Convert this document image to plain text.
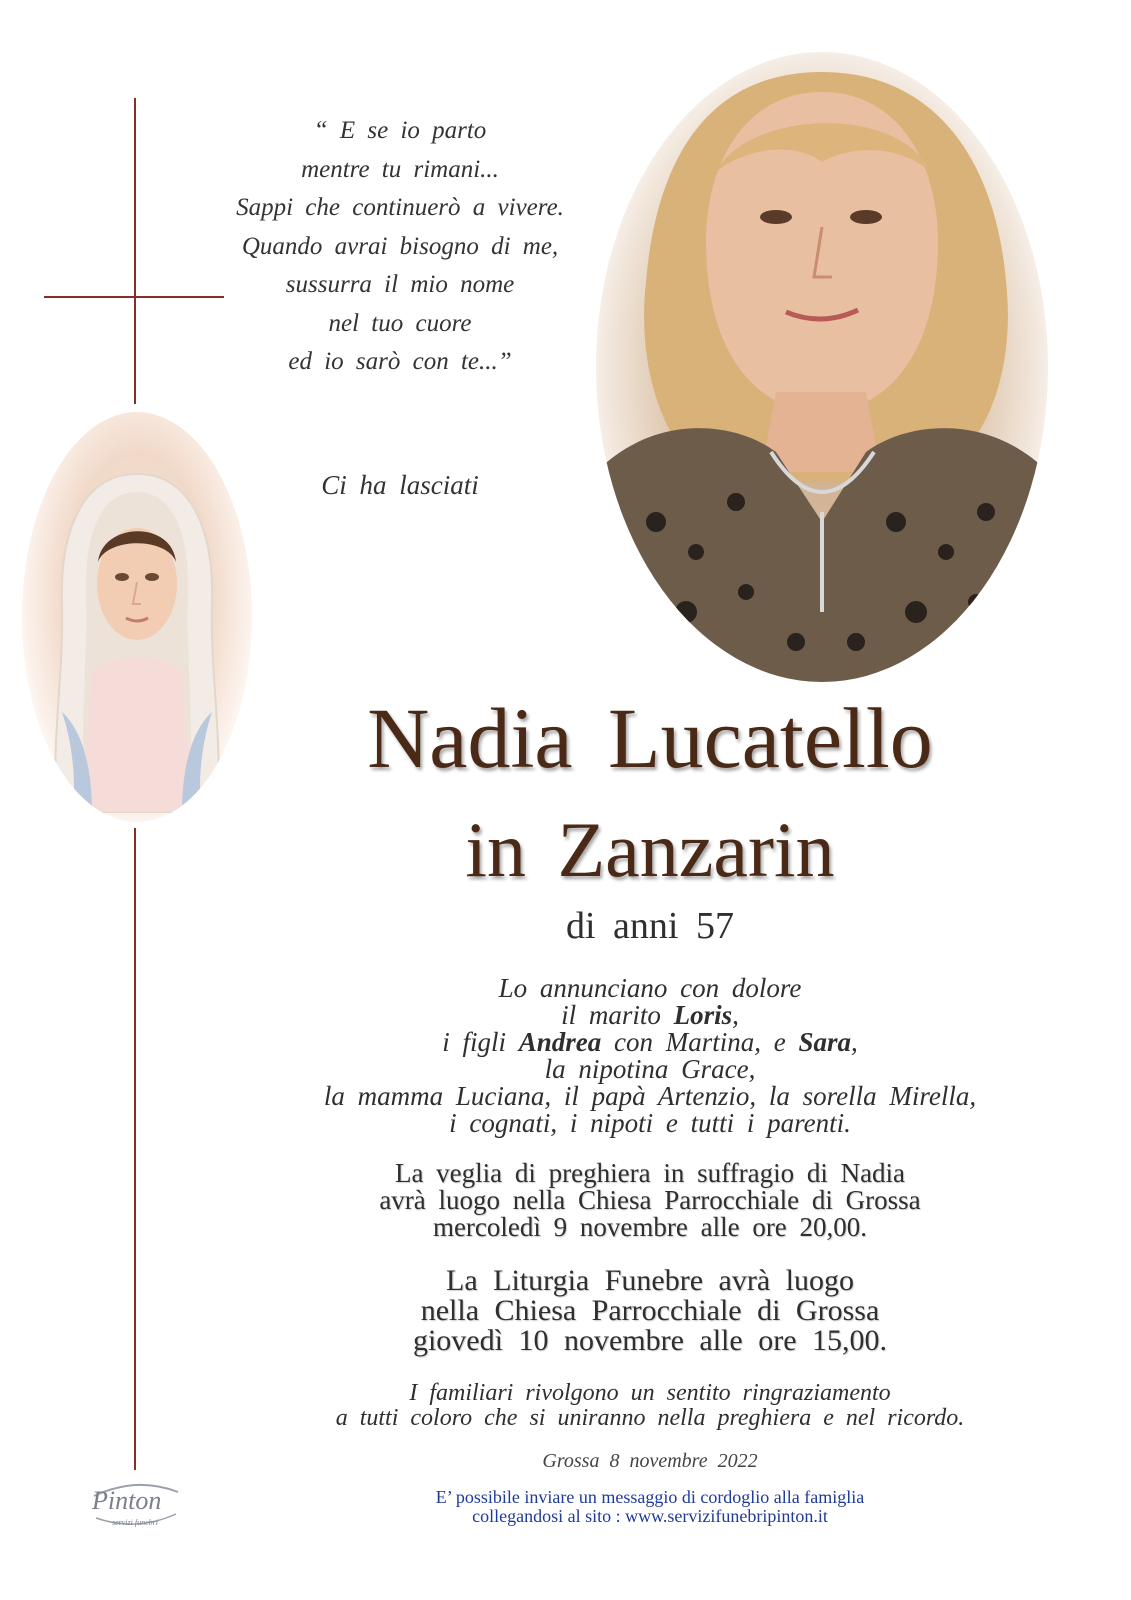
“ E se io parto
mentre tu rimani...
Sappi che continuerò a vivere.
Quando avrai bisogno di me,
sussurra il mio nome
nel tuo cuore
ed io sarò con te...”
Ci ha lasciati
Nadia Lucatello
in Zanzarin
di anni 57
Lo annunciano con dolore
il marito Loris,
i figli Andrea con Martina, e Sara,
la nipotina Grace,
la mamma Luciana, il papà Artenzio, la sorella Mirella,
i cognati, i nipoti e tutti i parenti.
La veglia di preghiera in suffragio di Nadia
avrà luogo nella Chiesa Parrocchiale di Grossa
mercoledì 9 novembre alle ore 20,00.
La Liturgia Funebre avrà luogo
nella Chiesa Parrocchiale di Grossa
giovedì 10 novembre alle ore 15,00.
I familiari rivolgono un sentito ringraziamento
a tutti coloro che si uniranno nella preghiera e nel ricordo.
Grossa 8 novembre 2022
E’ possibile inviare un messaggio di cordoglio alla famiglia
collegandosi al sito : www.servizifunebripinton.it
Pinton
servizi funebri
